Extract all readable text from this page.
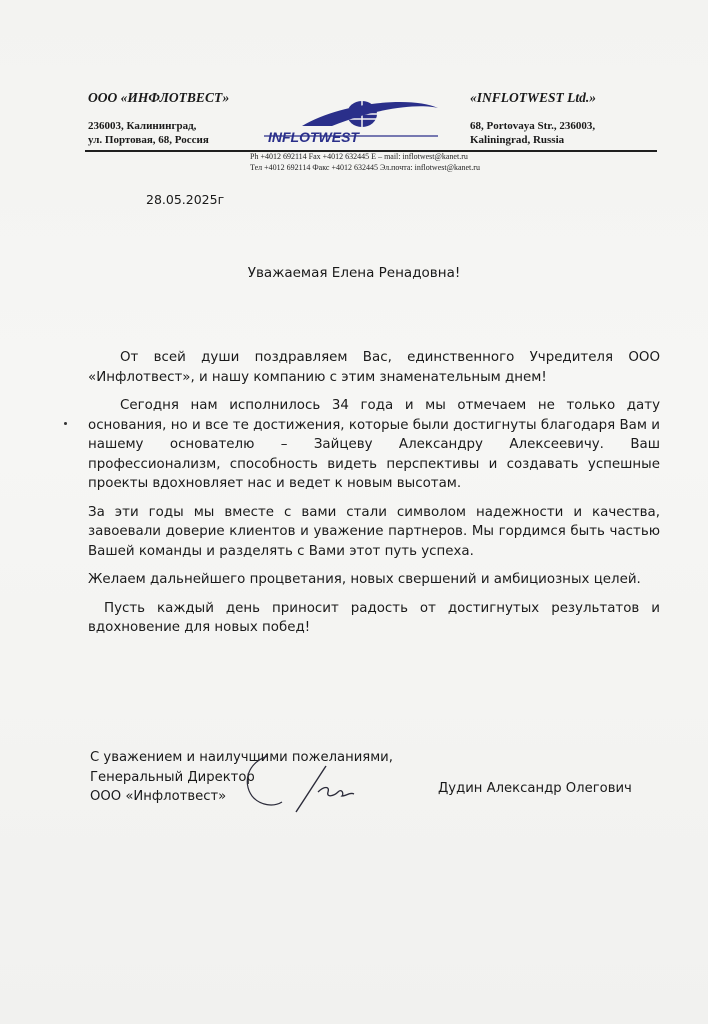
ООО «ИНФЛОТВЕСТ»
236003, Калининград,
ул. Портовая, 68, Россия	INFLOTWEST
«INFLOTWEST Ltd.»
68, Portovaya Str., 236003,
Kaliningrad, Russia
Ph +4012 692114 Fax +4012 632445 E – mail: inflotwest@kanet.ru
Тел +4012 692114 Факс +4012 632445 Эл.почта: inflotwest@kanet.ru
28.05.2025г
Уважаемая Елена Ренадовна!

От всей души поздравляем Вас, единственного Учредителя ООО «Инфлотвест», и нашу компанию с этим знаменательным днем!

Сегодня нам исполнилось 34 года и мы отмечаем не только дату основания, но и все те достижения, которые были достигнуты благодаря Вам и нашему основателю – Зайцеву Александру Алексеевичу. Ваш профессионализм, способность видеть перспективы и создавать успешные проекты вдохновляет нас и ведет к новым высотам.

За эти годы мы вместе с вами стали символом надежности и качества, завоевали доверие клиентов и уважение партнеров. Мы гордимся быть частью Вашей команды и разделять с Вами этот путь успеха.

Желаем дальнейшего процветания, новых свершений и амбициозных целей.

Пусть каждый день приносит радость от достигнутых результатов и вдохновение для новых побед!

С уважением и наилучшими пожеланиями,
Генеральный Директор
ООО «Инфлотвест»
Дудин Александр Олегович
